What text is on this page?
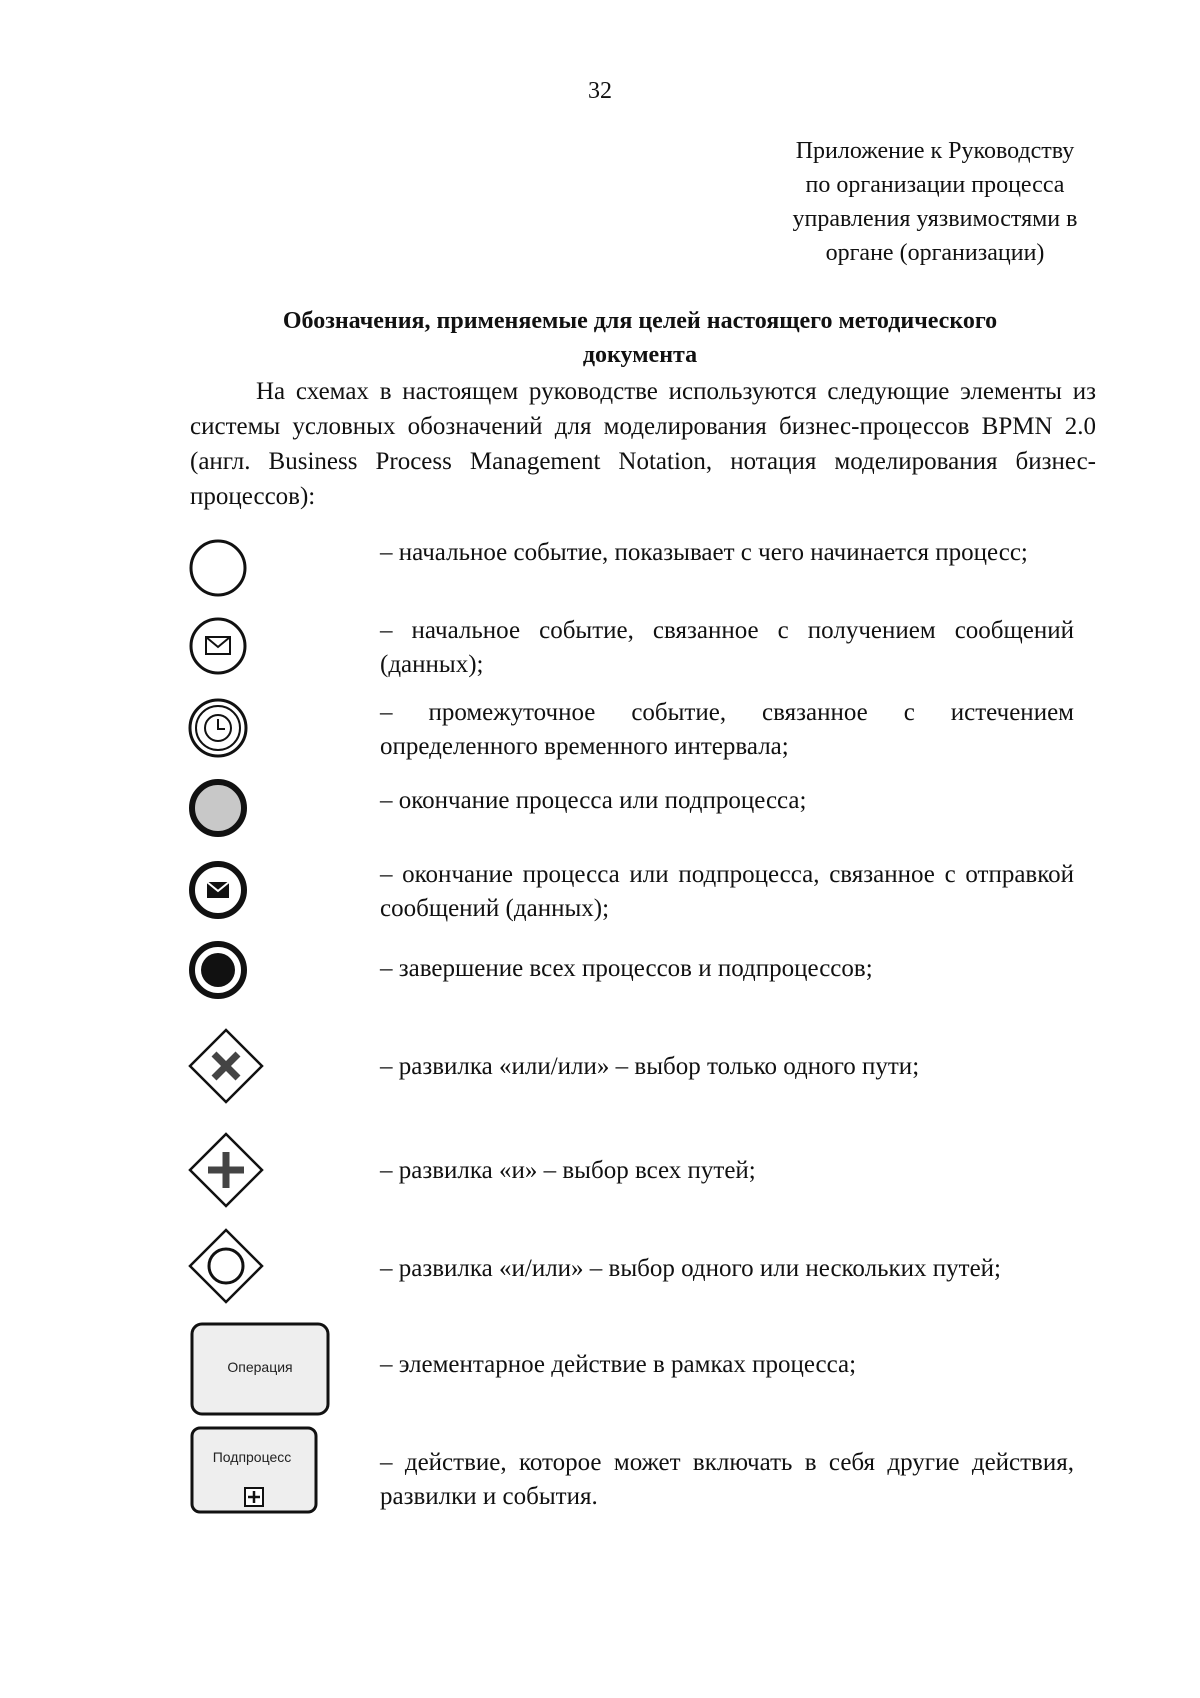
32
Приложение к Руководству
по организации процесса
управления уязвимостями в
органе (организации)
Обозначения, применяемые для целей настоящего методического
документа

На схемах в настоящем руководстве используются следующие элементы из системы условных обозначений для моделирования бизнес-процессов BPMN 2.0 (англ. Business Process Management Notation, нотация моделирования бизнес-процессов):

– начальное событие, показывает с чего начинается процесс;
– начальное событие, связанное с получением сообщений (данных);
– промежуточное событие, связанное с истечением определенного временного интервала;
– окончание процесса или подпроцесса;
– окончание процесса или подпроцесса, связанное с отправкой сообщений (данных);
– завершение всех процессов и подпроцессов;
– развилка «или/или» – выбор только одного пути;
– развилка «и» – выбор всех путей;
– развилка «и/или» – выбор одного или нескольких путей;
Операция	– элементарное действие в рамках процесса;
Подпроцесс	– действие, которое может включать в себя другие действия, развилки и события.
